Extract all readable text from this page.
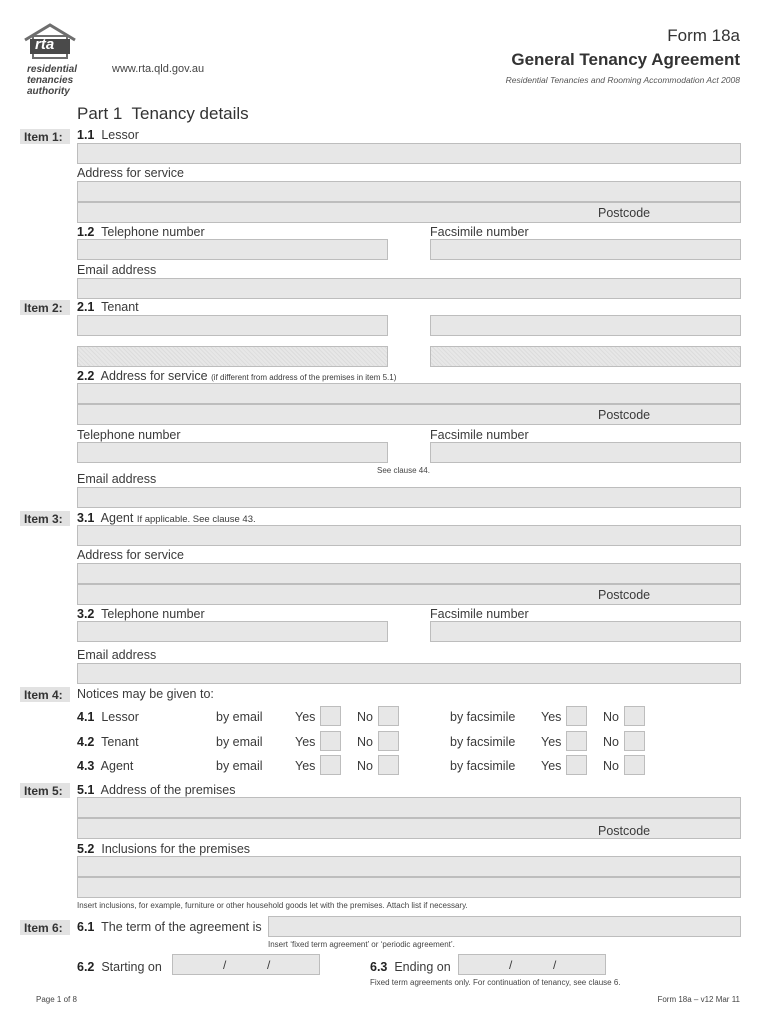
rta
residential
tenancies
authority
www.rta.qld.gov.au
Form 18a
General Tenancy Agreement
Residential Tenancies and Rooming Accommodation Act 2008
Part 1  Tenancy details
Item 1:	1.1 Lessor
Address for service
Postcode
1.2 Telephone number	Facsimile number
Email address
Item 2:	2.1 Tenant
2.2 Address for service (if different from address of the premises in item 5.1)
Postcode
Telephone number	Facsimile number
See clause 44.
Email address
Item 3:	3.1 Agent If applicable. See clause 43.
Address for service
Postcode
3.2 Telephone number	Facsimile number
Email address
Item 4:	Notices may be given to:
4.1 Lessor	by email	Yes	No	by facsimile Yes	No
4.2 Tenant	by email	Yes	No	by facsimile Yes	No
4.3 Agent	by email	Yes	No	by facsimile Yes	No
Item 5:	5.1 Address of the premises
Postcode
5.2 Inclusions for the premises
Insert inclusions, for example, furniture or other household goods let with the premises. Attach list if necessary.
Item 6:	6.1 The term of the agreement is
Insert ‘fixed term agreement’ or ‘periodic agreement’.
6.2 Starting on	/	/	6.3 Ending on	/	/
Fixed term agreements only. For continuation of tenancy, see clause 6.
Page 1 of 8	Form 18a – v12 Mar 11
